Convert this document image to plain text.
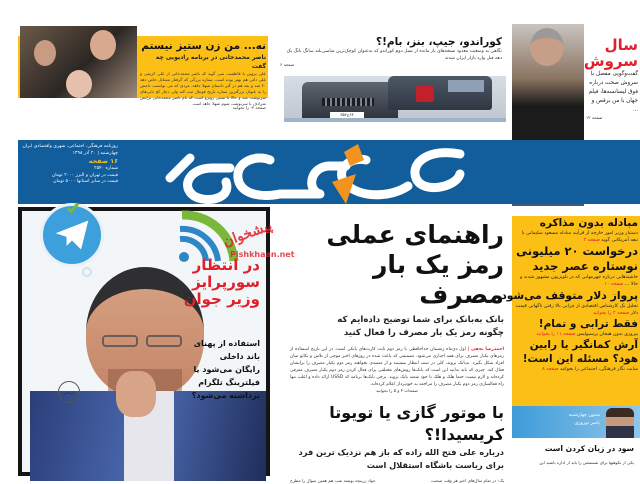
نه... من زن ستیز نیستم
ناصر محمدخانی در برنامه رادیویی چه گفت
علی پروین با فاطمیت سی گوید که ناصر محمدخانی از علی کریمی و علی دائی هم بهتر بوده است. ستاره بزرگی که گرفتار مسائل خاص دهه ۶۰ شد و بعد هم در گیر داستان شهلا جاهد. مردی که می توانست دامش را به عنوان بزرگترین ستاره تاریخ فوتبال ثبت کند ولی دچار کج تابی‌های سرنوشت شد و حالا با تستی روبرو است که نام ناصر محمدخانی برایش مترادف با سرنوشت شوم شهلا جاهد است
صفحه ۳- را بخوانید
کوراندو، جیپ، بنز، بام!؟
نگاهی به وضعیت معدود نسخه‌های باز مانده از نسل دوم کوراندو که به‌عنوان کوچک‌ترین شاسی‌بلند سانگ یانگ یک دهه قبل وارد بازار ایران شدند
صفحه ۶
۶۴ج۳۵۲
سال
سروش
گفت‌وگویی مفصل با سروش صحت درباره فوق لیسانسه‌ها، فیلم جهان با من برقص و ...
صفحه ۱۲
روزنامه فرهنگی، اجتماعی، شهری واقتصادی ایران
چهارشنبه | ۲۰ آذر ۱۳۹۸
۱۶ صفحه
شماره ۲۵۴۰
قیمت در تهران و البرز ۲۰۰۰ تومان
قیمت در سایر استانها ۵۰۰۰ تومان
کاریکاتور
در انتظار
سورپرایز
وزیر جوان
استفاده از پهنای
باند داخلی
رایگان می‌شود یا
فیلترینگ تلگرام
برداشته می‌شود؟
پیشخوان
Pishkhaan.net
راهنمای عملی
رمز یک بار مصرف
بانک به‌بانک برای شما توضیح داده‌ایم که
چگونه رمز یک بار مصرف را فعال کنید
احمدرضا نجفی | اول دی‌ماه زمستان خداحافظی با رمز دوم ثابت کارت‌های بانکی است. در این تاریخ استفاده از رمزهای یکبار مصرف برای همه اجباری می‌شود. تصمیمی که باعث شده در روزهای اخیر موجی از تلاش و تکاپو میان افراد شکل بگیرد. به‌بانک بروند، کلی در صف انتظار بنشینند و از متصدی بخواهند رمز دوم یکبار مصرف را برایشان فعال کند. چیزی که باید بدانید این است که بانک‌ها روش‌های مختلفی برای فعال کردن رمز دوم یکبار مصرف معرفی کرده‌اند و لازم نیست حتما هلک و هلک تا خود شعبه بانک بروید. برخی بانک‌ها برنامه کد USSD ارائه داده و اغلب تنها راه فعالسازی رمز دوم یکبار مصرف را مراجعه به خودپرداز اعلام کرده‌اند.
صفحات ۴ و ۵ را بخوانید
با موتور گازی یا تویوتا کریسیدا!؟
درباره علی فتح الله زاده که باز هم نزدیک ترین فرد
برای ریاست باشگاه استقلال است
یک- در تمام سال‌های اخیر هر وقت صحبت
جواد زرینچه نوشته شب هم همین سوال را مطرح
مبادله بدون مذاکره
دستیار وزیر امور خارجه از فرآیند مبادله مسعود سلیمانی با تبعه آمریکایی گوید صفحه ۳
درخواست ۲۰ میلیونی نوستاره عصر جدید
حاشیه‌هایی درباره جهرمهایی که در تلویزیون مشهور شدند و حالا ... صفحه ۱۰
پرواز دلار متوقف می‌شود
تحلیل یک کارشناس اقتصادی از چرایی بالا رفتن ناگهانی قیمت دلار صفحه ۲ را بخوانید
فقط ترابی و تمام!
پیروزی بدون هیجان پرسپولیس صفحه ۱۱ را بخوانید
آرش کمانگیر یا رابین هود؟ مسئله این است!
سایت نگار فرهنگی، اجتماعی را بخوانید صفحه ۸
ستون چهارشنبه
یاسر نوروزی
سود در زیان کردن است
یکی از نکوهیها برای شستشن را باید از اداره باشید این
